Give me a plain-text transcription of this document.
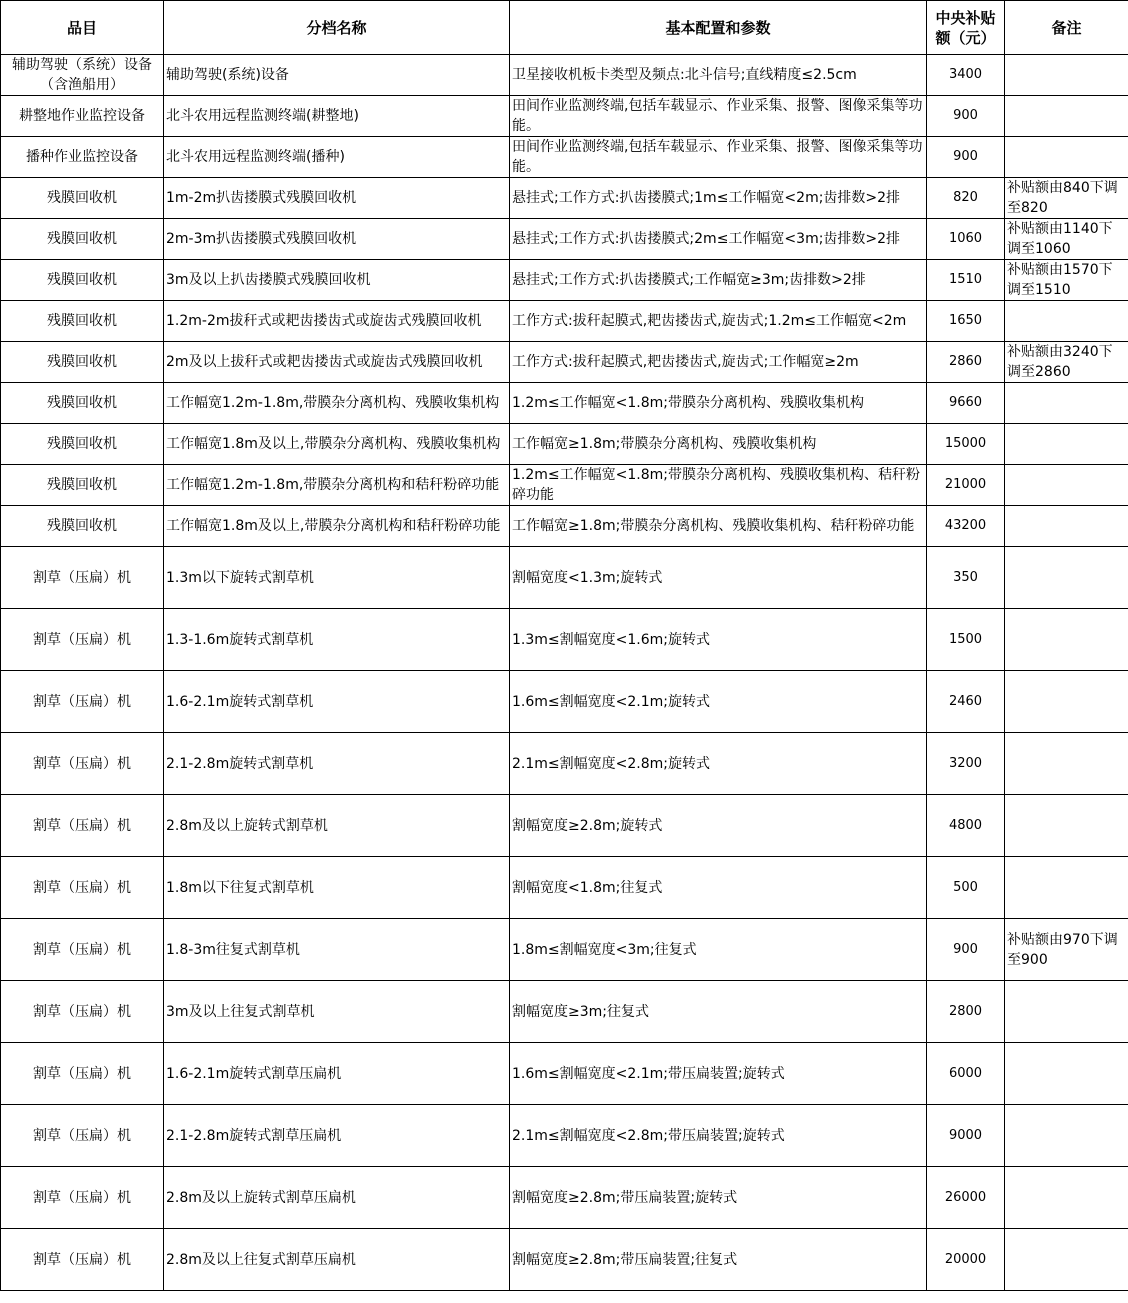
品目	分档名称	基本配置和参数	中央补贴额（元）	备注
辅助驾驶（系统）设备（含渔船用）	辅助驾驶(系统)设备	卫星接收机板卡类型及频点:北斗信号;直线精度≤2.5cm	3400	
耕整地作业监控设备	北斗农用远程监测终端(耕整地)	田间作业监测终端,包括车载显示、作业采集、报警、图像采集等功能。	900	
播种作业监控设备	北斗农用远程监测终端(播种)	田间作业监测终端,包括车载显示、作业采集、报警、图像采集等功能。	900	
残膜回收机	1m-2m扒齿搂膜式残膜回收机	悬挂式;工作方式:扒齿搂膜式;1m≤工作幅宽<2m;齿排数>2排	820	补贴额由840下调至820
残膜回收机	2m-3m扒齿搂膜式残膜回收机	悬挂式;工作方式:扒齿搂膜式;2m≤工作幅宽<3m;齿排数>2排	1060	补贴额由1140下调至1060
残膜回收机	3m及以上扒齿搂膜式残膜回收机	悬挂式;工作方式:扒齿搂膜式;工作幅宽≥3m;齿排数>2排	1510	补贴额由1570下调至1510
残膜回收机	1.2m-2m拔秆式或耙齿搂齿式或旋齿式残膜回收机	工作方式:拔秆起膜式,耙齿搂齿式,旋齿式;1.2m≤工作幅宽<2m	1650	
残膜回收机	2m及以上拔秆式或耙齿搂齿式或旋齿式残膜回收机	工作方式:拔秆起膜式,耙齿搂齿式,旋齿式;工作幅宽≥2m	2860	补贴额由3240下调至2860
残膜回收机	工作幅宽1.2m-1.8m,带膜杂分离机构、残膜收集机构	1.2m≤工作幅宽<1.8m;带膜杂分离机构、残膜收集机构	9660	
残膜回收机	工作幅宽1.8m及以上,带膜杂分离机构、残膜收集机构	工作幅宽≥1.8m;带膜杂分离机构、残膜收集机构	15000	
残膜回收机	工作幅宽1.2m-1.8m,带膜杂分离机构和秸秆粉碎功能	1.2m≤工作幅宽<1.8m;带膜杂分离机构、残膜收集机构、秸秆粉碎功能	21000	
残膜回收机	工作幅宽1.8m及以上,带膜杂分离机构和秸秆粉碎功能	工作幅宽≥1.8m;带膜杂分离机构、残膜收集机构、秸秆粉碎功能	43200	
割草（压扁）机	1.3m以下旋转式割草机	割幅宽度<1.3m;旋转式	350	
割草（压扁）机	1.3-1.6m旋转式割草机	1.3m≤割幅宽度<1.6m;旋转式	1500	
割草（压扁）机	1.6-2.1m旋转式割草机	1.6m≤割幅宽度<2.1m;旋转式	2460	
割草（压扁）机	2.1-2.8m旋转式割草机	2.1m≤割幅宽度<2.8m;旋转式	3200	
割草（压扁）机	2.8m及以上旋转式割草机	割幅宽度≥2.8m;旋转式	4800	
割草（压扁）机	1.8m以下往复式割草机	割幅宽度<1.8m;往复式	500	
割草（压扁）机	1.8-3m往复式割草机	1.8m≤割幅宽度<3m;往复式	900	补贴额由970下调至900
割草（压扁）机	3m及以上往复式割草机	割幅宽度≥3m;往复式	2800	
割草（压扁）机	1.6-2.1m旋转式割草压扁机	1.6m≤割幅宽度<2.1m;带压扁装置;旋转式	6000	
割草（压扁）机	2.1-2.8m旋转式割草压扁机	2.1m≤割幅宽度<2.8m;带压扁装置;旋转式	9000	
割草（压扁）机	2.8m及以上旋转式割草压扁机	割幅宽度≥2.8m;带压扁装置;旋转式	26000	
割草（压扁）机	2.8m及以上往复式割草压扁机	割幅宽度≥2.8m;带压扁装置;往复式	20000	
